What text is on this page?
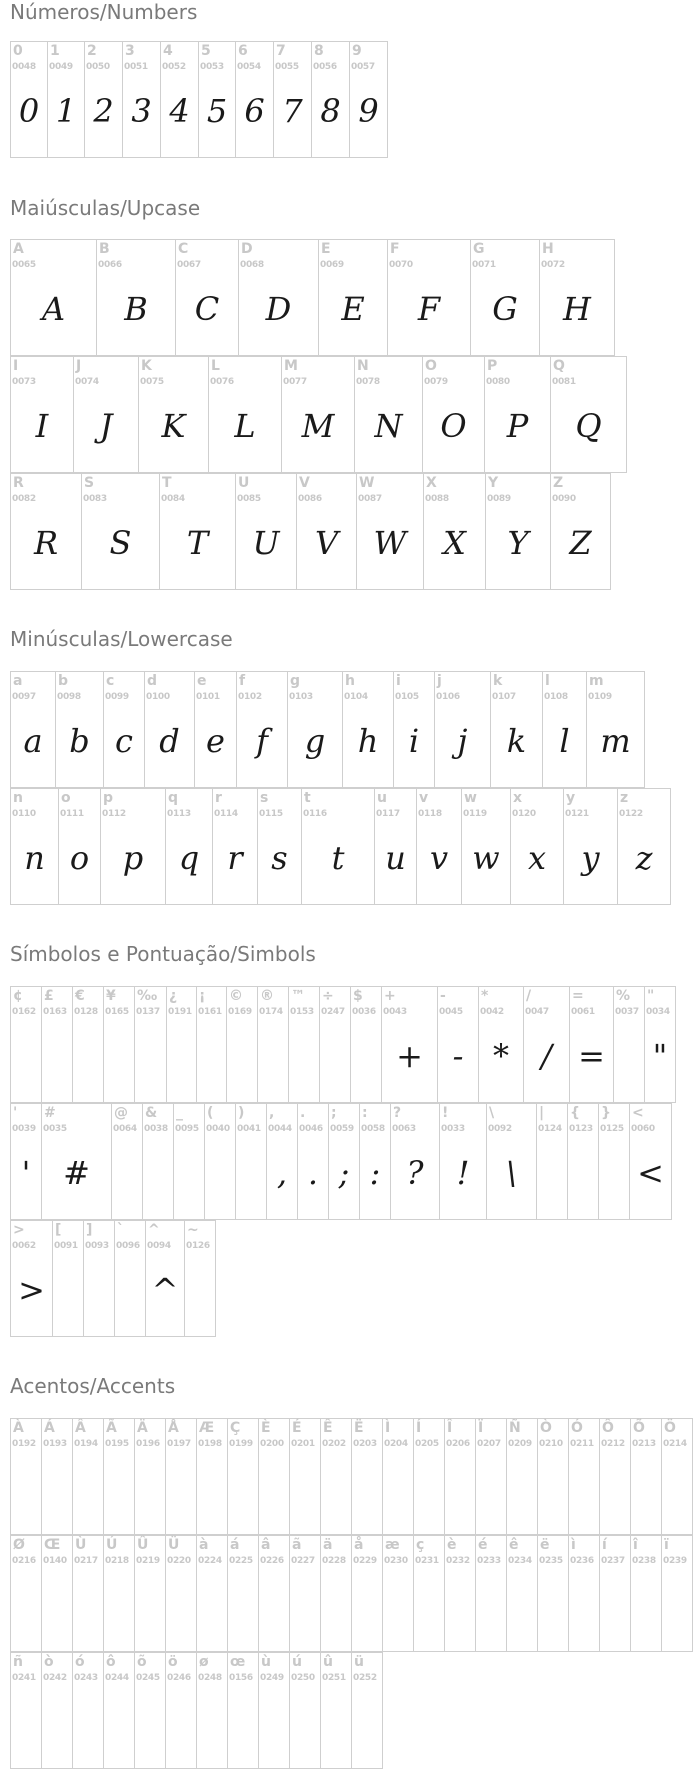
Números/Numbers
Maiúsculas/Upcase
Minúsculas/Lowercase
Símbolos e Pontuação/Simbols
Acentos/Accents
0
0048
0
1
0049
1
2
0050
2
3
0051
3
4
0052
4
5
0053
5
6
0054
6
7
0055
7
8
0056
8
9
0057
9
A
0065
A
B
0066
B
C
0067
C
D
0068
D
E
0069
E
F
0070
F
G
0071
G
H
0072
H
I
0073
I
J
0074
J
K
0075
K
L
0076
L
M
0077
M
N
0078
N
O
0079
O
P
0080
P
Q
0081
Q
R
0082
R
S
0083
S
T
0084
T
U
0085
U
V
0086
V
W
0087
W
X
0088
X
Y
0089
Y
Z
0090
Z
a
0097
a
b
0098
b
c
0099
c
d
0100
d
e
0101
e
f
0102
f
g
0103
g
h
0104
h
i
0105
i
j
0106
j
k
0107
k
l
0108
l
m
0109
m
n
0110
n
o
0111
o
p
0112
p
q
0113
q
r
0114
r
s
0115
s
t
0116
t
u
0117
u
v
0118
v
w
0119
w
x
0120
x
y
0121
y
z
0122
z
¢
0162
£
0163
€
0128
¥
0165
‰
0137
¿
0191
¡
0161
©
0169
®
0174
™
0153
÷
0247
$
0036
+
0043
+
-
0045
-
*
0042
*
/
0047
/
=
0061
=
%
0037
"
0034
"
'
0039
'
#
0035
#
@
0064
&
0038
_
0095
(
0040
)
0041
,
0044
,
.
0046
.
;
0059
;
:
0058
:
?
0063
?
!
0033
!
\
0092
\
|
0124
{
0123
}
0125
<
0060
<
>
0062
>
[
0091
]
0093
`
0096
^
0094
^
~
0126
À
0192
Á
0193
Â
0194
Ã
0195
Ä
0196
Å
0197
Æ
0198
Ç
0199
È
0200
É
0201
Ê
0202
Ë
0203
Ì
0204
Í
0205
Î
0206
Ï
0207
Ñ
0209
Ò
0210
Ó
0211
Ô
0212
Õ
0213
Ö
0214
Ø
0216
Œ
0140
Ù
0217
Ú
0218
Û
0219
Ü
0220
à
0224
á
0225
â
0226
ã
0227
ä
0228
å
0229
æ
0230
ç
0231
è
0232
é
0233
ê
0234
ë
0235
ì
0236
í
0237
î
0238
ï
0239
ñ
0241
ò
0242
ó
0243
ô
0244
õ
0245
ö
0246
ø
0248
œ
0156
ù
0249
ú
0250
û
0251
ü
0252
